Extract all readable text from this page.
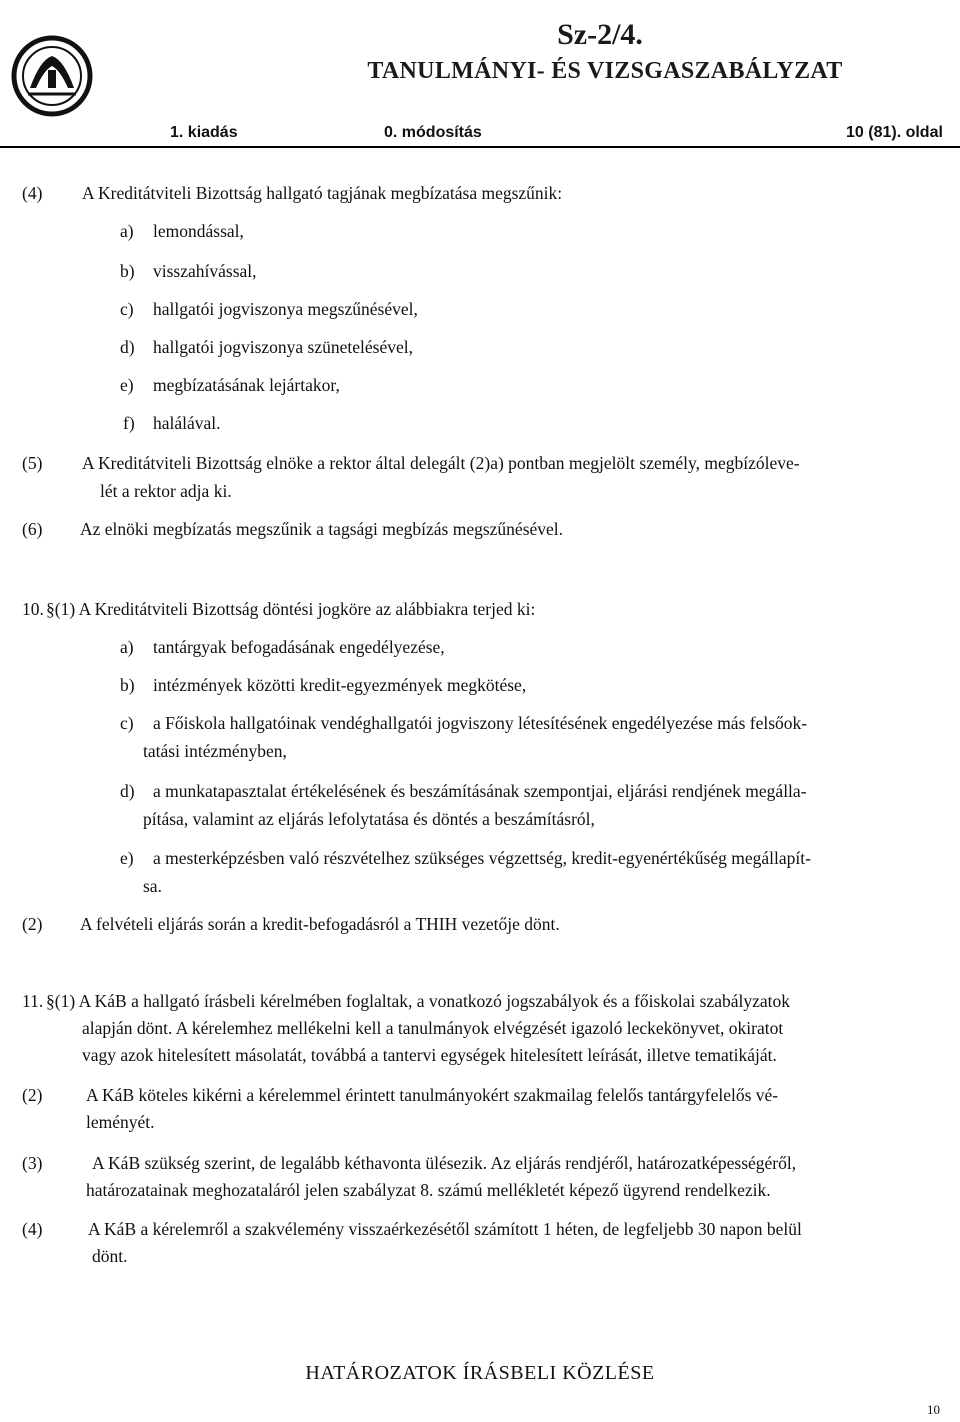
Sz-2/4.
TANULMÁNYI- ÉS VIZSGASZABÁLYZAT
1. kiadás	0. módosítás	10 (81). oldal
(4) A Kreditátviteli Bizottság hallgató tagjának megbízatása megszűnik:
a) lemondással,
b) visszahívással,
c) hallgatói jogviszonya megszűnésével,
d) hallgatói jogviszonya szünetelésével,
e) megbízatásának lejártakor,
f) halálával.
(5) A Kreditátviteli Bizottság elnöke a rektor által delegált (2)a) pontban megjelölt személy, megbízóleve-
lét a rektor adja ki.
(6) Az elnöki megbízatás megszűnik a tagsági megbízás megszűnésével.
10. §(1) A Kreditátviteli Bizottság döntési jogköre az alábbiakra terjed ki:
a) tantárgyak befogadásának engedélyezése,
b) intézmények közötti kredit-egyezmények megkötése,
c) a Főiskola hallgatóinak vendéghallgatói jogviszony létesítésének engedélyezése más felsőok-
tatási intézményben,
d) a munkatapasztalat értékelésének és beszámításának szempontjai, eljárási rendjének megálla-
pítása, valamint az eljárás lefolytatása és döntés a beszámításról,
e) a mesterképzésben való részvételhez szükséges végzettség, kredit-egyenértékűség megállapít-
sa.
(2) A felvételi eljárás során a kredit-befogadásról a THIH vezetője dönt.
11. §(1) A KáB a hallgató írásbeli kérelmében foglaltak, a vonatkozó jogszabályok és a főiskolai szabályzatok
alapján dönt. A kérelemhez mellékelni kell a tanulmányok elvégzését igazoló leckekönyvet, okiratot
vagy azok hitelesített másolatát, továbbá a tantervi egységek hitelesített leírását, illetve tematikáját.
(2) A KáB köteles kikérni a kérelemmel érintett tanulmányokért szakmailag felelős tantárgyfelelős vé-
leményét.
(3)	A KáB szükség szerint, de legalább kéthavonta ülésezik. Az eljárás rendjéről, határozatképességéről,
határozatainak meghozataláról jelen szabályzat 8. számú mellékletét képező ügyrend rendelkezik.
(4)	A KáB a kérelemről a szakvélemény visszaérkezésétől számított 1 héten, de legfeljebb 30 napon belül
dönt.
HATÁROZATOK ÍRÁSBELI KÖZLÉSE
10
